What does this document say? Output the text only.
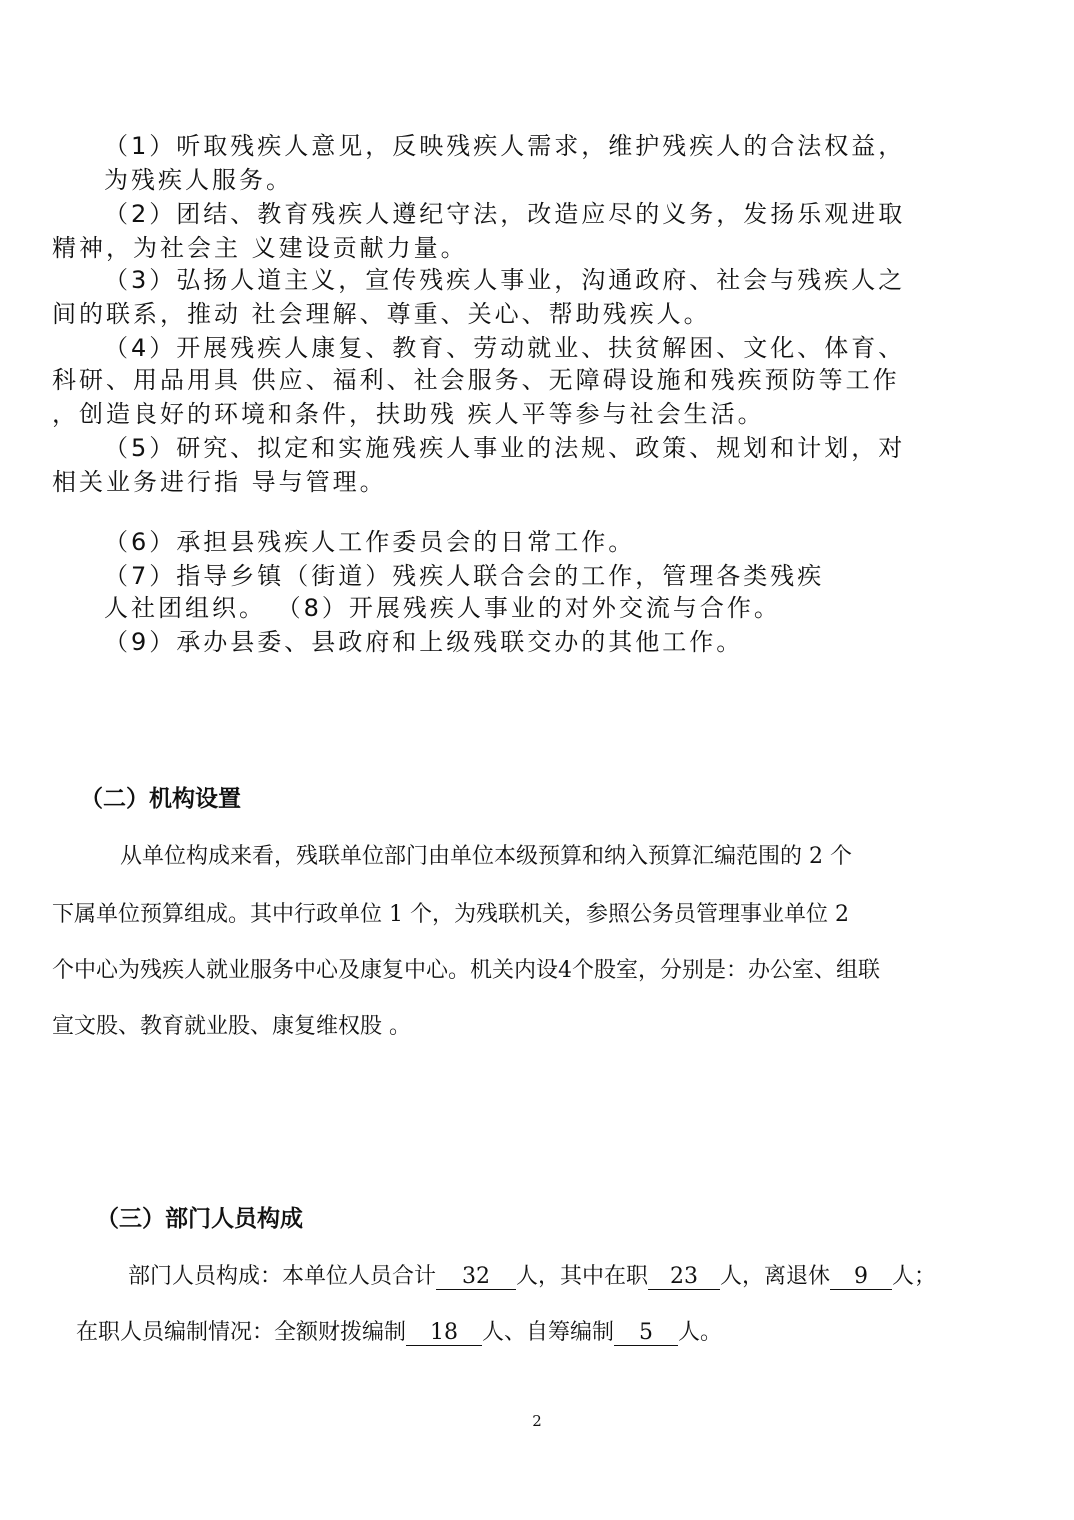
（1）听取残疾人意见，反映残疾人需求，维护残疾人的合法权益，
为残疾人服务。
（2）团结、教育残疾人遵纪守法，改造应尽的义务，发扬乐观进取
精神，为社会主 义建设贡献力量。
（3）弘扬人道主义，宣传残疾人事业，沟通政府、社会与残疾人之
间的联系，推动 社会理解、尊重、关心、帮助残疾人。
（4）开展残疾人康复、教育、劳动就业、扶贫解困、文化、体育、
科研、用品用具 供应、福利、社会服务、无障碍设施和残疾预防等工作
，创造良好的环境和条件，扶助残 疾人平等参与社会生活。
（5）研究、拟定和实施残疾人事业的法规、政策、规划和计划，对
相关业务进行指 导与管理。
（6）承担县残疾人工作委员会的日常工作。
（7）指导乡镇（街道）残疾人联合会的工作，管理各类残疾
人社团组织。 （8）开展残疾人事业的对外交流与合作。
（9）承办县委、县政府和上级残联交办的其他工作。
（二）机构设置
从单位构成来看，残联单位部门由单位本级预算和纳入预算汇编范围的 2 个
下属单位预算组成。其中行政单位 1 个，为残联机关，参照公务员管理事业单位 2
个中心为残疾人就业服务中心及康复中心。机关内设4个股室，分别是：办公室、组联
宣文股、教育就业股、康复维权股 。
（三）部门人员构成
部门人员构成：本单位人员合计 32 人，其中在职 23 人，离退休 9 人；
在职人员编制情况：全额财拨编制 18 人、自筹编制 5 人。
2
